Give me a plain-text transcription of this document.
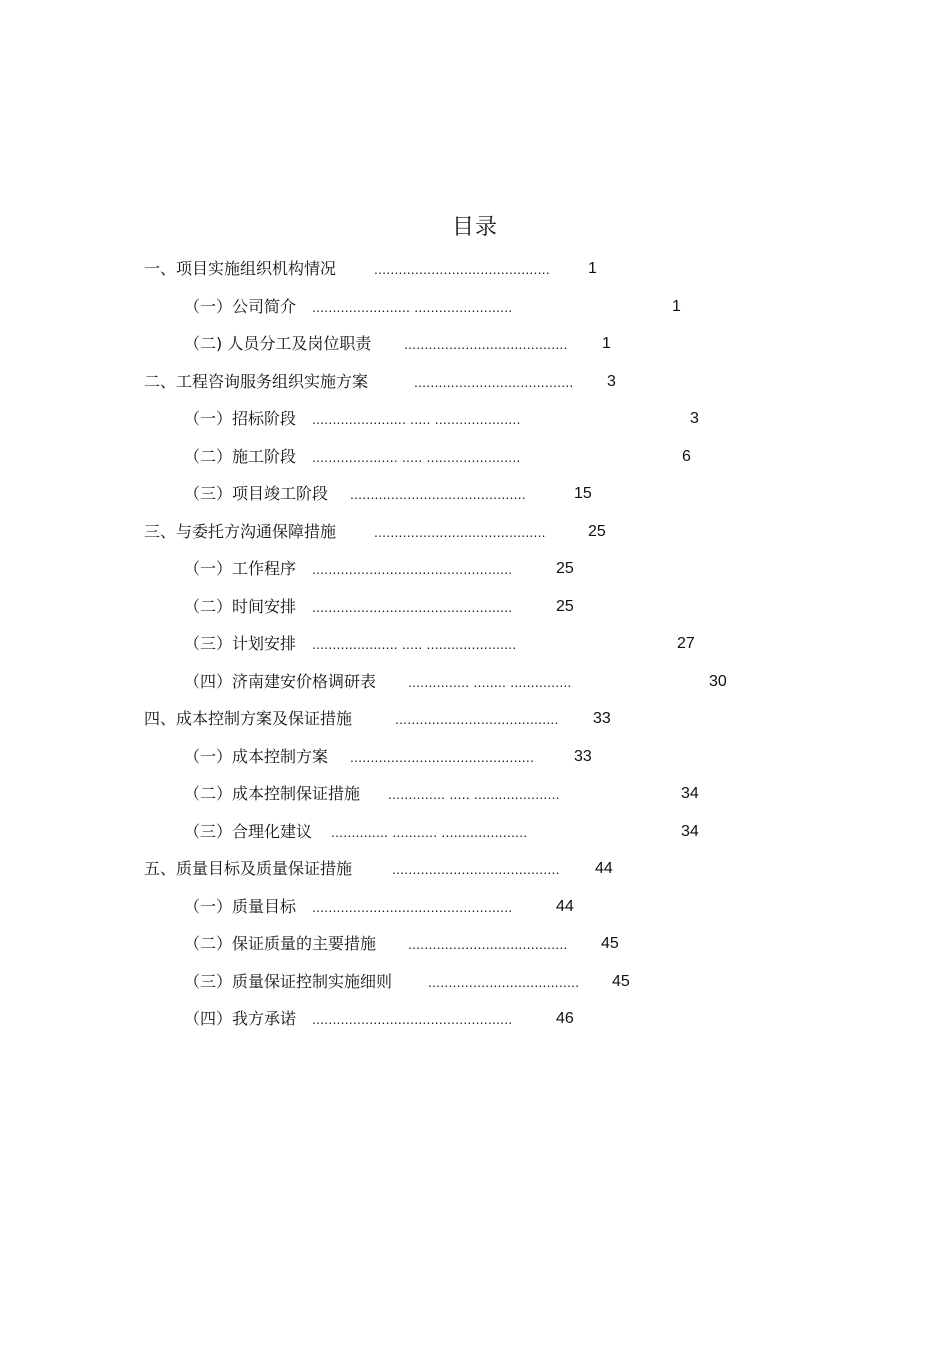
目录
一、项目实施组织机构情况	........................................... 1
（一）公司简介 ........................ ........................	1
（二) 人员分工及岗位职责 ........................................ 1
二、工程咨询服务组织实施方案	....................................... 3
（一）招标阶段 ....................... ..... .....................	3
（二）施工阶段 ..................... ..... .......................	6
（三）项目竣工阶段 ...........................................	15
三、与委托方沟通保障措施	..........................................	25
（一）工作程序 .................................................	25
（二）时间安排 .................................................	25
（三）计划安排 ..................... ..... ......................	27
（四）济南建安价格调研表 ............... ........ ...............	30
四、成本控制方案及保证措施	........................................ 33
（一）成本控制方案 ............................................. 33
（二）成本控制保证措施 .............. ..... .....................	34
（三）合理化建议 .............. ........... .....................	34
五、质量目标及质量保证措施	......................................... 44
（一）质量目标 .................................................	44
（二）保证质量的主要措施 ....................................... 45
（三）质量保证控制实施细则	..................................... 45
（四）我方承诺 .................................................	46
